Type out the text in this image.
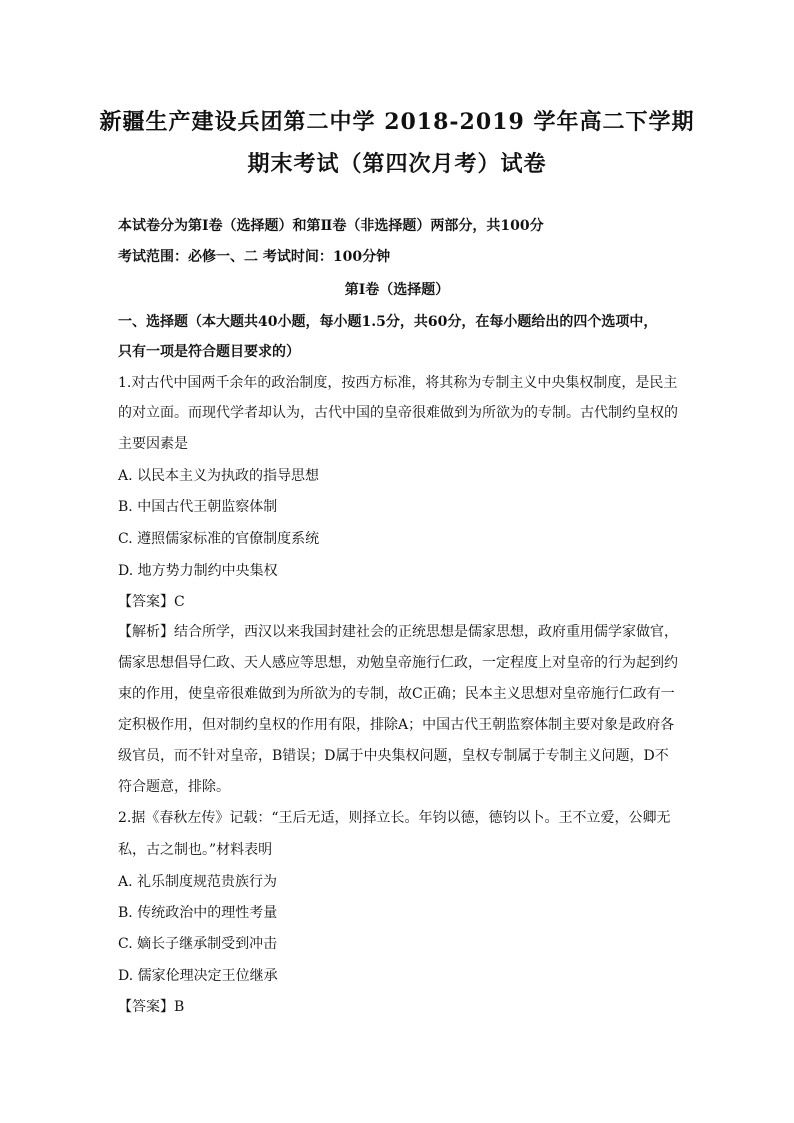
新疆生产建设兵团第二中学 2018-2019 学年高二下学期
期末考试（第四次月考）试卷
本试卷分为第Ⅰ卷（选择题）和第Ⅱ卷（非选择题）两部分，共100分
考试范围：必修一、二 考试时间：100分钟
第Ⅰ卷（选择题）
一、选择题（本大题共40小题，每小题1.5分，共60分，在每小题给出的四个选项中，
只有一项是符合题目要求的）
1.对古代中国两千余年的政治制度，按西方标准，将其称为专制主义中央集权制度，是民主
的对立面。而现代学者却认为，古代中国的皇帝很难做到为所欲为的专制。古代制约皇权的
主要因素是
A. 以民本主义为执政的指导思想
B. 中国古代王朝监察体制
C. 遵照儒家标准的官僚制度系统
D. 地方势力制约中央集权
【答案】C
【解析】结合所学，西汉以来我国封建社会的正统思想是儒家思想，政府重用儒学家做官，
儒家思想倡导仁政、天人感应等思想，劝勉皇帝施行仁政，一定程度上对皇帝的行为起到约
束的作用，使皇帝很难做到为所欲为的专制，故C正确；民本主义思想对皇帝施行仁政有一
定积极作用，但对制约皇权的作用有限，排除A；中国古代王朝监察体制主要对象是政府各
级官员，而不针对皇帝，B错误；D属于中央集权问题，皇权专制属于专制主义问题，D不
符合题意，排除。
2.据《春秋左传》记载：“王后无适，则择立长。年钧以德，德钧以卜。王不立爱，公卿无
私，古之制也。”材料表明
A. 礼乐制度规范贵族行为
B. 传统政治中的理性考量
C. 嫡长子继承制受到冲击
D. 儒家伦理决定王位继承
【答案】B
